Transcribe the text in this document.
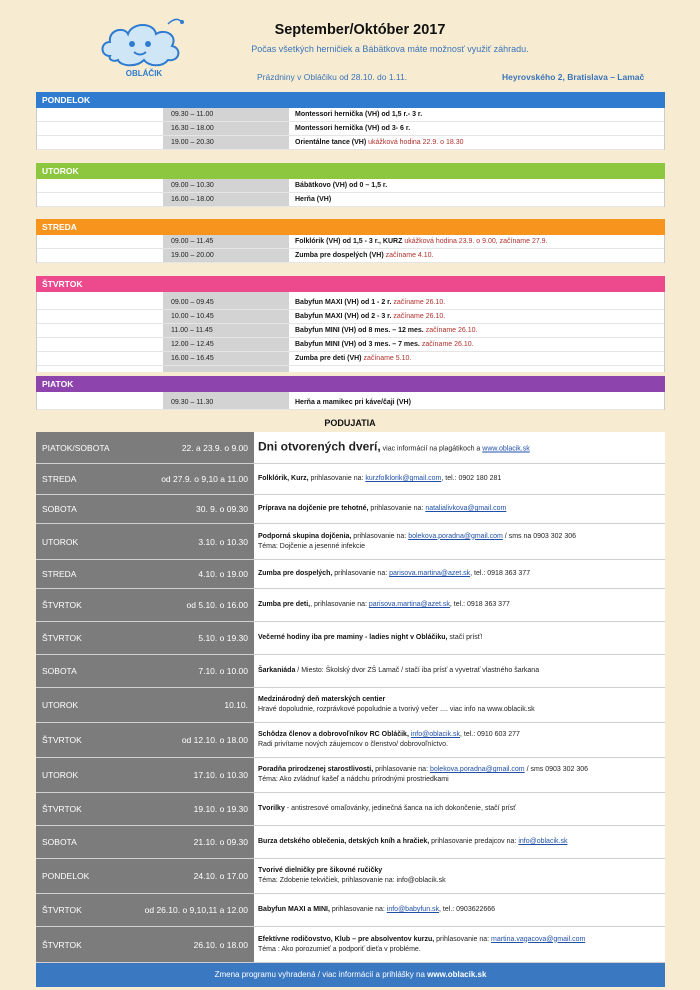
OBLÁČIK
September/Október 2017
Počas všetkých herničiek a Bábätkova máte možnosť využiť záhradu.
Prázdniny v Obláčiku od 28.10. do 1.11.	Heyrovského 2, Bratislava – Lamač
PONDELOK
09.30 – 11.00	Montessori hernička (VH) od 1,5 r.- 3 r.
16.30 – 18.00	Montessori hernička (VH) od 3- 6 r.
19.00 – 20.30	Orientálne tance (VH) ukážková hodina 22.9. o 18.30
UTOROK
09.00 – 10.30	Bábätkovo (VH) od 0 – 1,5 r.
16.00 – 18.00	Herňa (VH)
STREDA
09.00 – 11.45	Folklórik (VH) od 1,5 - 3 r., KURZ ukážková hodina 23.9. o 9.00, začíname 27.9.
19.00 – 20.00	Zumba pre dospelých (VH) začíname 4.10.
ŠTVRTOK
09.00 – 09.45	Babyfun MAXI (VH) od 1 - 2 r. začíname 26.10.
10.00 – 10.45	Babyfun MAXI (VH) od 2 - 3 r. začíname 26.10.
11.00 – 11.45	Babyfun MINI (VH) od 8 mes. – 12 mes. začíname 26.10.
12.00 – 12.45	Babyfun MINI (VH) od 3 mes. – 7 mes. začíname 26.10.
16.00 – 16.45	Zumba pre deti (VH) začíname 5.10.
PIATOK
09.30 – 11.30	Herňa a mamikec pri káve/čaji (VH)
PODUJATIA
PIATOK/SOBOTA	22. a 23.9. o 9.00 Dni otvorených dverí, viac informácií na plagátikoch a www.oblacik.sk
STREDA	od 27.9. o 9,10 a 11.00 Folklórik, Kurz, prihlasovanie na: kurzfolklorik@gmail.com, tel.: 0902 180 281
SOBOTA	30. 9. o 09.30 Príprava na dojčenie pre tehotné, prihlasovanie na: natalialivkova@gmail.com
UTOROK	3.10. o 10.30
Podporná skupina dojčenia, prihlasovanie na: bolekova.poradna@gmail.com / sms na 0903 302 306
Téma: Dojčenie a jesenné infekcie
STREDA	4.10. o 19.00 Zumba pre dospelých, prihlasovanie na: parisova.martina@azet.sk, tel.: 0918 363 377
ŠTVRTOK	od 5.10. o 16.00 Zumba pre deti,, prihlasovanie na: parisova.martina@azet.sk, tel.: 0918 363 377
ŠTVRTOK	5.10. o 19.30 Večerné hodiny iba pre maminy - ladies night v Obláčiku, stačí prísť!
SOBOTA	7.10. o 10.00 Šarkaniáda / Miesto: Školský dvor ZŠ Lamač / stačí iba prísť a vyvetrať vlastného šarkana
UTOROK	10.10.
Medzinárodný deň materských centier
Hravé dopoludnie, rozprávkové popoludnie a tvorivý večer .... viac info na www.oblacik.sk
ŠTVRTOK	od 12.10. o 18.00
Schôdza členov a dobrovoľníkov RC Obláčik, info@oblacik.sk, tel.: 0910 603 277
Radi privítame nových záujemcov o členstvo/ dobrovoľníctvo.
UTOROK	17.10. o 10.30
Poradňa prirodzenej starostlivosti, prihlasovanie na: bolekova.poradna@gmail.com / sms 0903 302 306
Téma: Ako zvládnuť kašeľ a nádchu prírodnými prostriedkami
ŠTVRTOK	19.10. o 19.30 Tvorilky - antistresové omaľovánky, jedinečná šanca na ich dokončenie, stačí prísť
SOBOTA	21.10. o 09.30 Burza detského oblečenia, detských kníh a hračiek, prihlasovanie predajcov na: info@oblacik.sk
PONDELOK	24.10. o 17.00
Tvorivé dielničky pre šikovné ručičky
Téma: Zdobenie tekvičiek, prihlasovanie na: info@oblacik.sk
ŠTVRTOK	od 26.10. o 9,10,11 a 12.00 Babyfun MAXI a MINI, prihlasovanie na: info@babyfun.sk, tel.: 0903622666
ŠTVRTOK	26.10. o 18.00
Efektívne rodičovstvo, Klub – pre absolventov kurzu, prihlasovanie na: martina.vagacova@gmail.com
Téma : Ako porozumieť a podporiť dieťa v probléme.
Zmena programu vyhradená / viac informácií a prihlášky na www.oblacik.sk
